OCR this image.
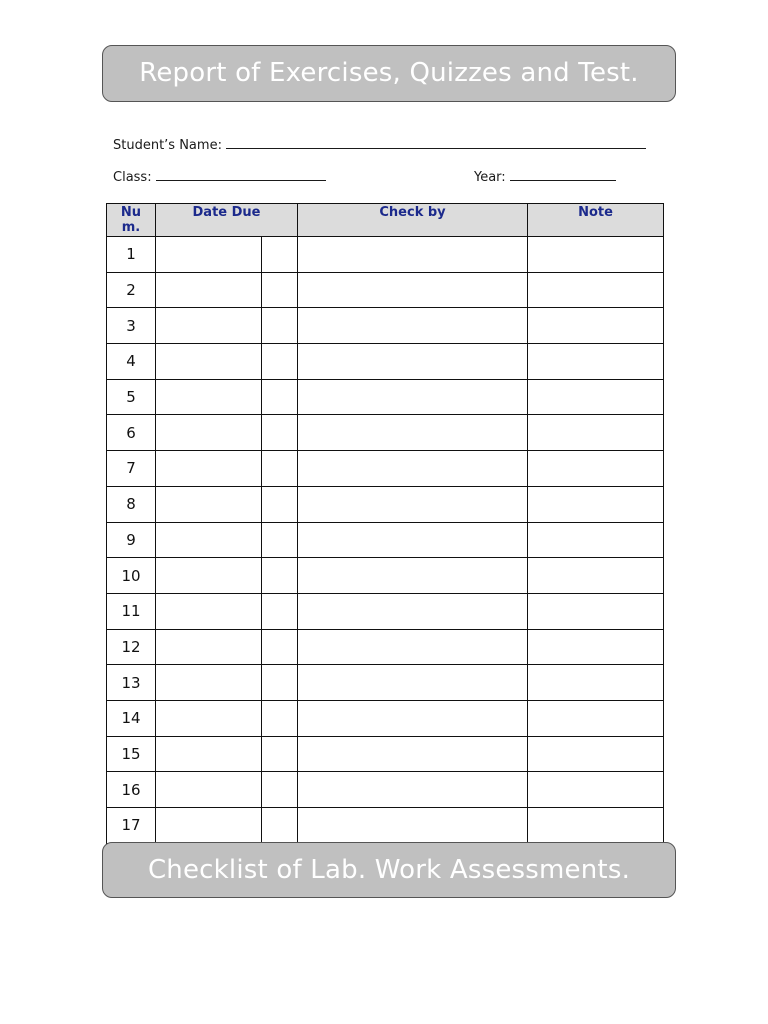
Report of Exercises, Quizzes and Test.
Student’s Name:
Class:	Year:
Nu
m.	Date Due		Check by	Note
1				
2				
3				
4				
5				
6				
7				
8				
9				
10				
11				
12				
13				
14				
15				
16				
17				
Checklist of Lab. Work Assessments.
